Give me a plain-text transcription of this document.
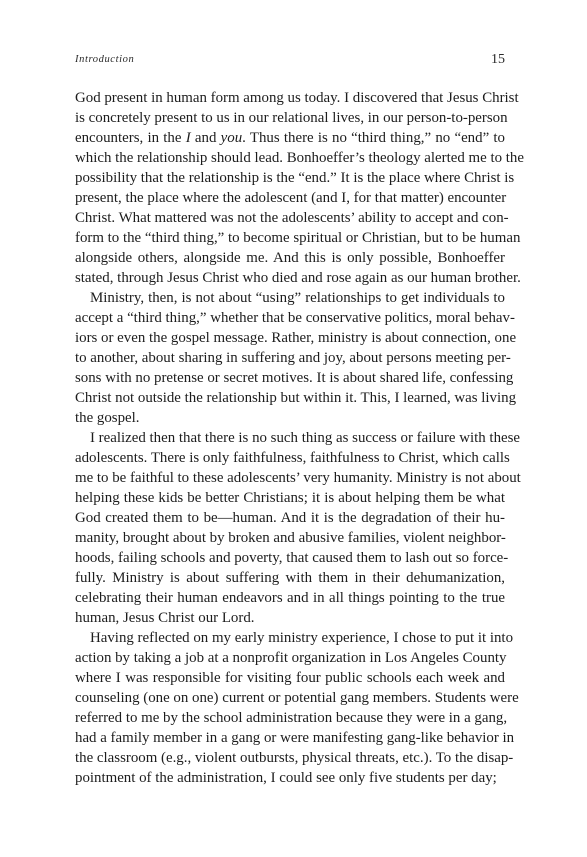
Introduction	15
God present in human form among us today. I discovered that Jesus Christ
is concretely present to us in our relational lives, in our person-to-person
encounters, in the I and you. Thus there is no “third thing,” no “end” to
which the relationship should lead. Bonhoeffer’s theology alerted me to the
possibility that the relationship is the “end.” It is the place where Christ is
present, the place where the adolescent (and I, for that matter) encounter
Christ. What mattered was not the adolescents’ ability to accept and con-
form to the “third thing,” to become spiritual or Christian, but to be human
alongside others, alongside me. And this is only possible, Bonhoeffer
stated, through Jesus Christ who died and rose again as our human brother.
Ministry, then, is not about “using” relationships to get individuals to
accept a “third thing,” whether that be conservative politics, moral behav-
iors or even the gospel message. Rather, ministry is about connection, one
to another, about sharing in suffering and joy, about persons meeting per-
sons with no pretense or secret motives. It is about shared life, confessing
Christ not outside the relationship but within it. This, I learned, was living
the gospel.
I realized then that there is no such thing as success or failure with these
adolescents. There is only faithfulness, faithfulness to Christ, which calls
me to be faithful to these adolescents’ very humanity. Ministry is not about
helping these kids be better Christians; it is about helping them be what
God created them to be—human. And it is the degradation of their hu-
manity, brought about by broken and abusive families, violent neighbor-
hoods, failing schools and poverty, that caused them to lash out so force-
fully. Ministry is about suffering with them in their dehumanization,
celebrating their human endeavors and in all things pointing to the true
human, Jesus Christ our Lord.
Having reflected on my early ministry experience, I chose to put it into
action by taking a job at a nonprofit organization in Los Angeles County
where I was responsible for visiting four public schools each week and
counseling (one on one) current or potential gang members. Students were
referred to me by the school administration because they were in a gang,
had a family member in a gang or were manifesting gang-like behavior in
the classroom (e.g., violent outbursts, physical threats, etc.). To the disap-
pointment of the administration, I could see only five students per day;
